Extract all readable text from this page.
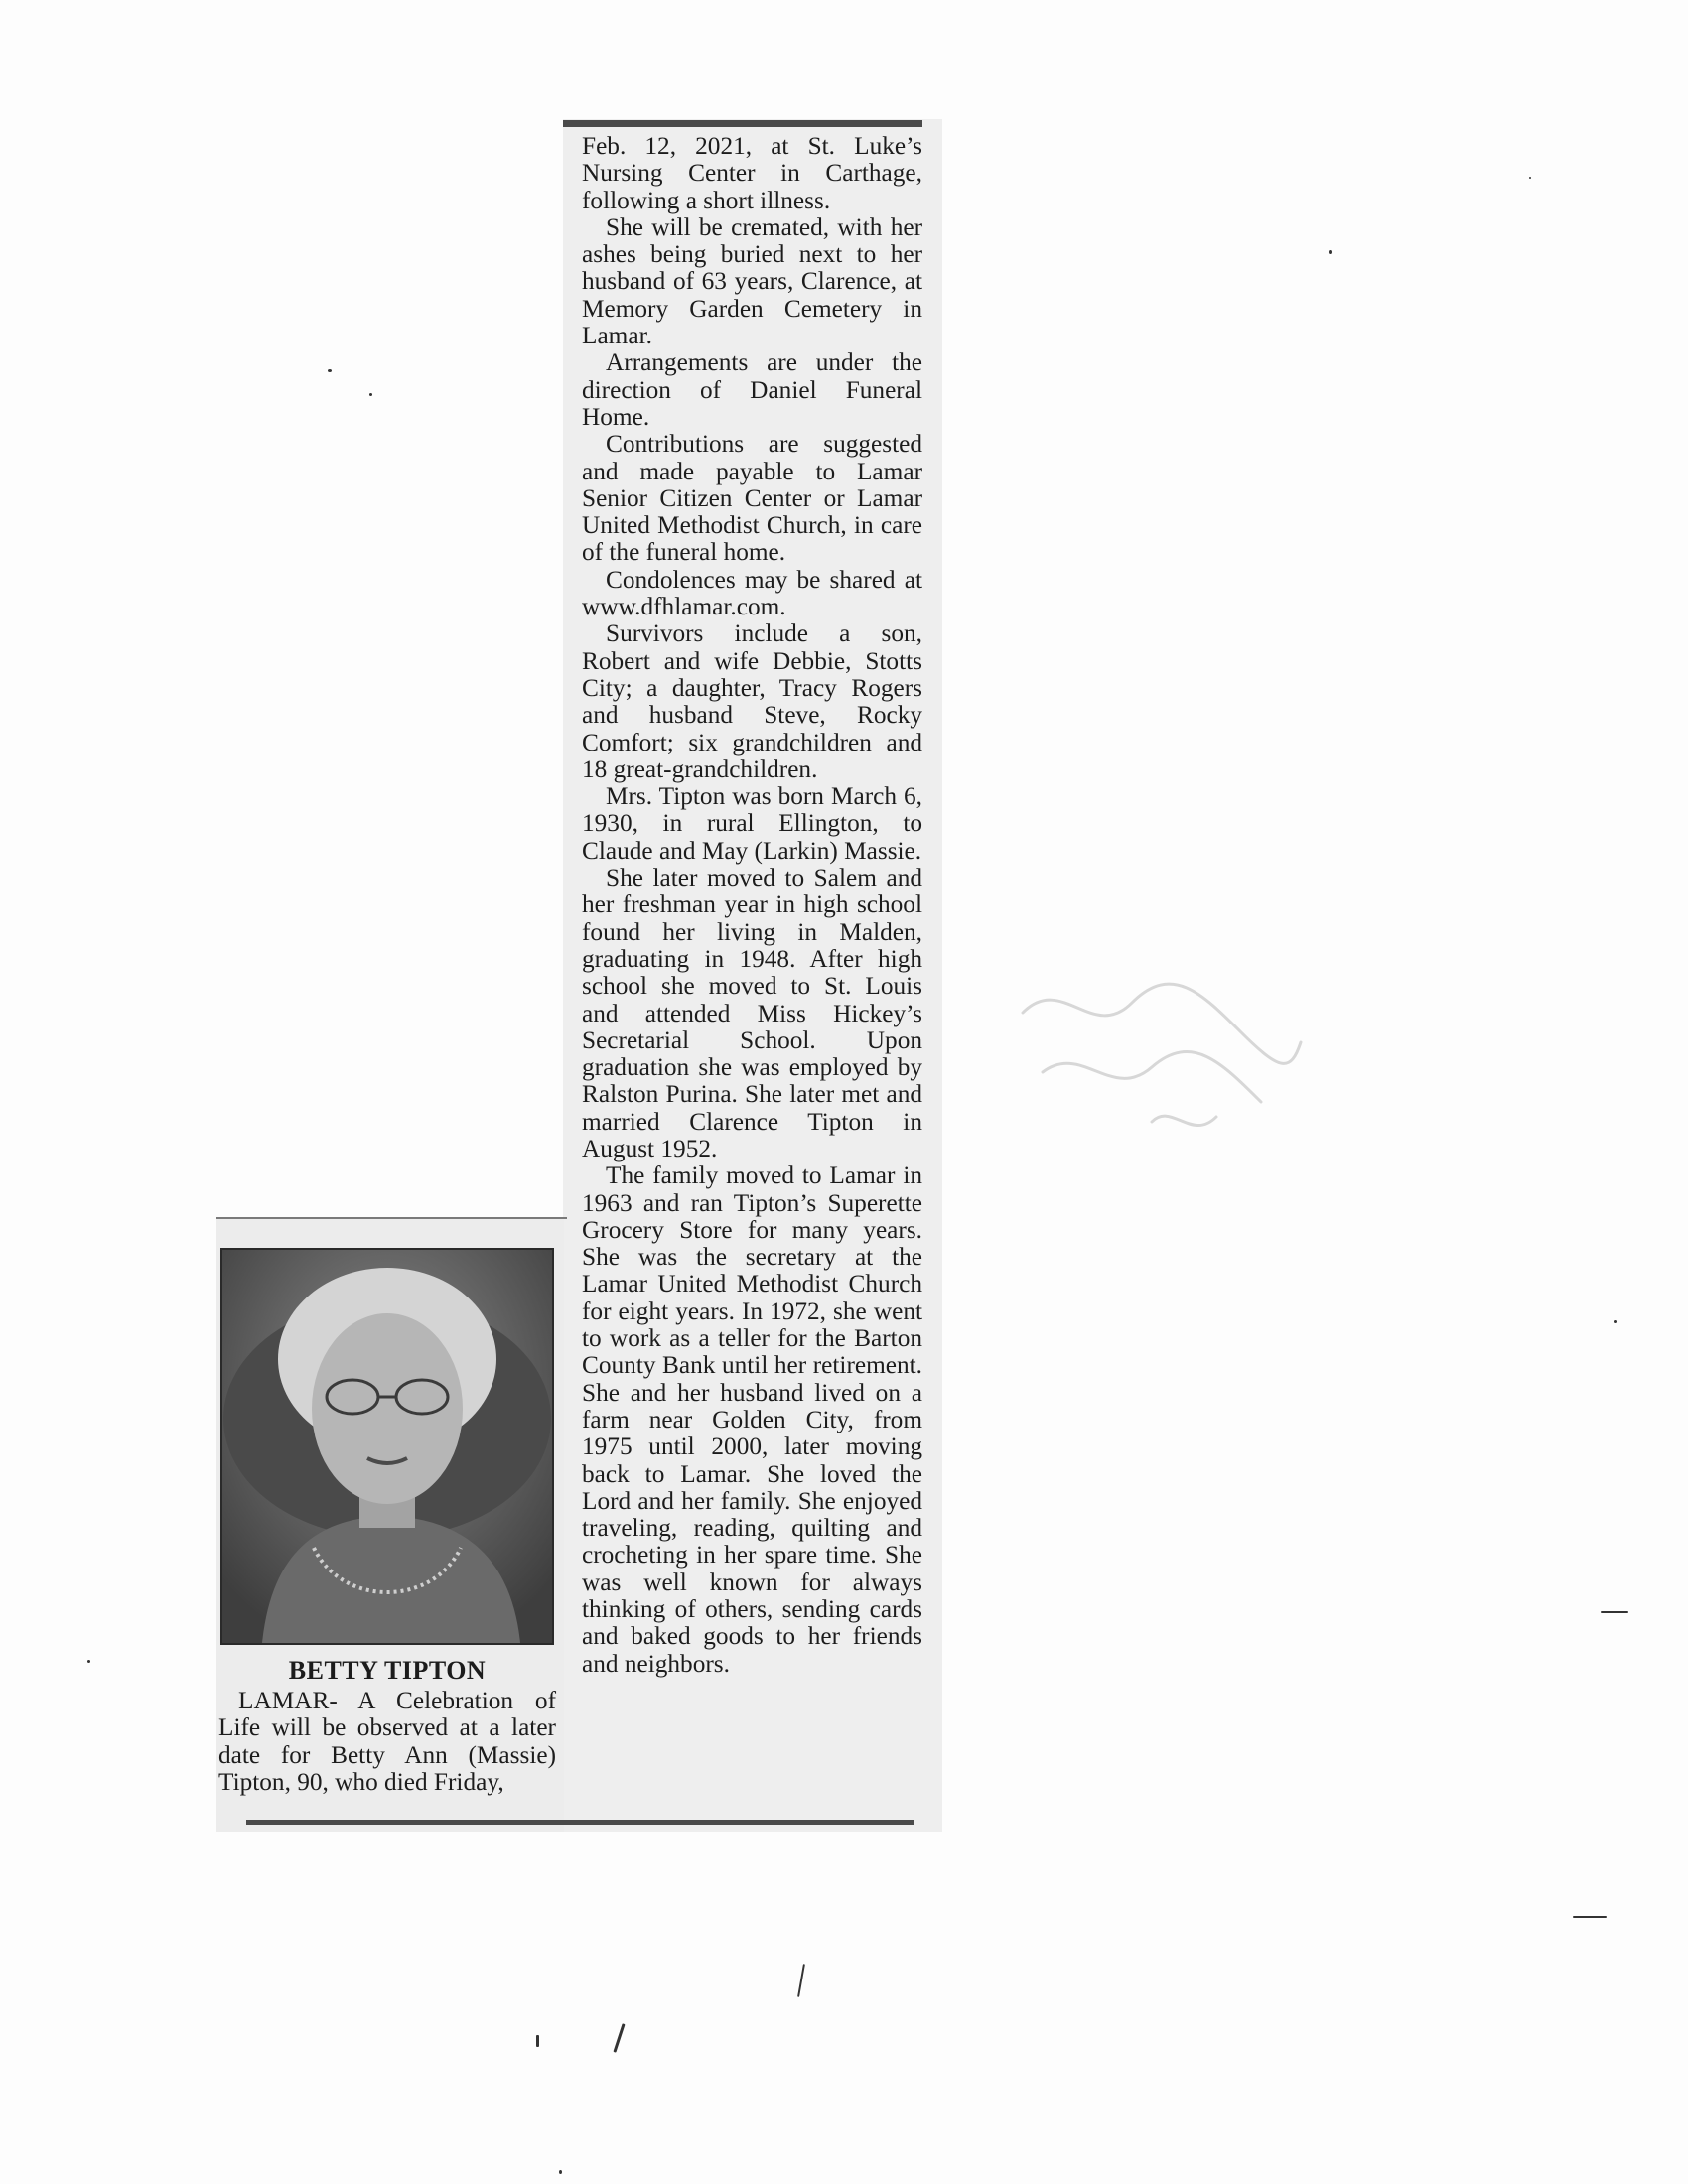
BETTY TIPTON

LAMAR- A Celebration of Life will be observed at a later date for Betty Ann (Massie) Tipton, 90, who died Friday,

Feb. 12, 2021, at St. Luke’s Nursing Center in Carthage, following a short illness.

She will be cremated, with her ashes being buried next to her husband of 63 years, Clarence, at Memory Garden Cemetery in Lamar.

Arrangements are under the direction of Daniel Funeral Home.

Contributions are suggested and made payable to Lamar Senior Citizen Center or Lamar United Methodist Church, in care of the funeral home.

Condolences may be shared at www.dfhlamar.com.

Survivors include a son, Robert and wife Debbie, Stotts City; a daughter, Tracy Rogers and husband Steve, Rocky Comfort; six grandchildren and 18 great-grandchildren.

Mrs. Tipton was born March 6, 1930, in rural Ellington, to Claude and May (Larkin) Massie.

She later moved to Salem and her freshman year in high school found her living in Malden, graduating in 1948. After high school she moved to St. Louis and attended Miss Hickey’s Secretarial School. Upon graduation she was employed by Ralston Purina. She later met and married Clarence Tipton in August 1952.

The family moved to Lamar in 1963 and ran Tipton’s Superette Grocery Store for many years. She was the secretary at the Lamar United Methodist Church for eight years. In 1972, she went to work as a teller for the Barton County Bank until her retirement. She and her husband lived on a farm near Golden City, from 1975 until 2000, later moving back to Lamar. She loved the Lord and her family. She enjoyed traveling, reading, quilting and crocheting in her spare time. She was well known for always thinking of others, sending cards and baked goods to her friends and neighbors.
